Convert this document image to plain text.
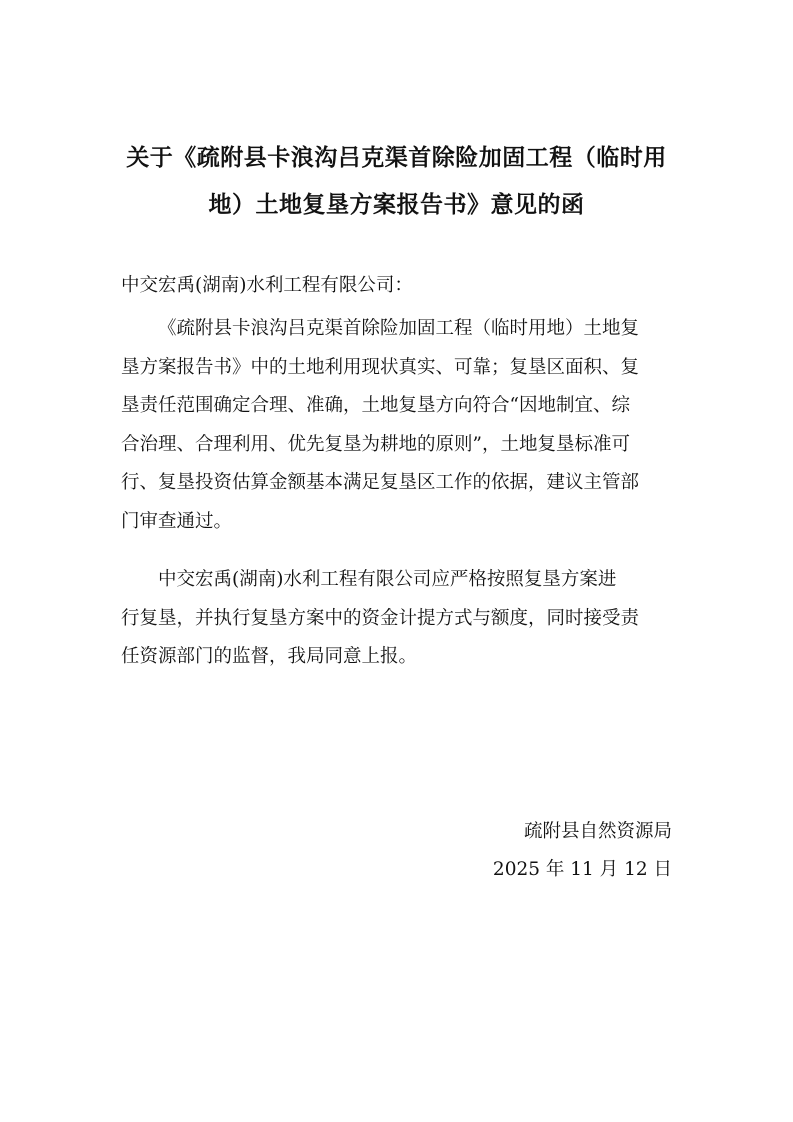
关于《疏附县卡浪沟吕克渠首除险加固工程（临时用
地）土地复垦方案报告书》意见的函

中交宏禹(湖南)水利工程有限公司：

《疏附县卡浪沟吕克渠首除险加固工程（临时用地）土地复
垦方案报告书》中的土地利用现状真实、可靠；复垦区面积、复
垦责任范围确定合理、准确，土地复垦方向符合“因地制宜、综
合治理、合理利用、优先复垦为耕地的原则”，土地复垦标准可
行、复垦投资估算金额基本满足复垦区工作的依据，建议主管部
门审查通过。
中交宏禹(湖南)水利工程有限公司应严格按照复垦方案进
行复垦，并执行复垦方案中的资金计提方式与额度，同时接受责
任资源部门的监督，我局同意上报。
疏附县自然资源局
2025 年 11 月 12 日
